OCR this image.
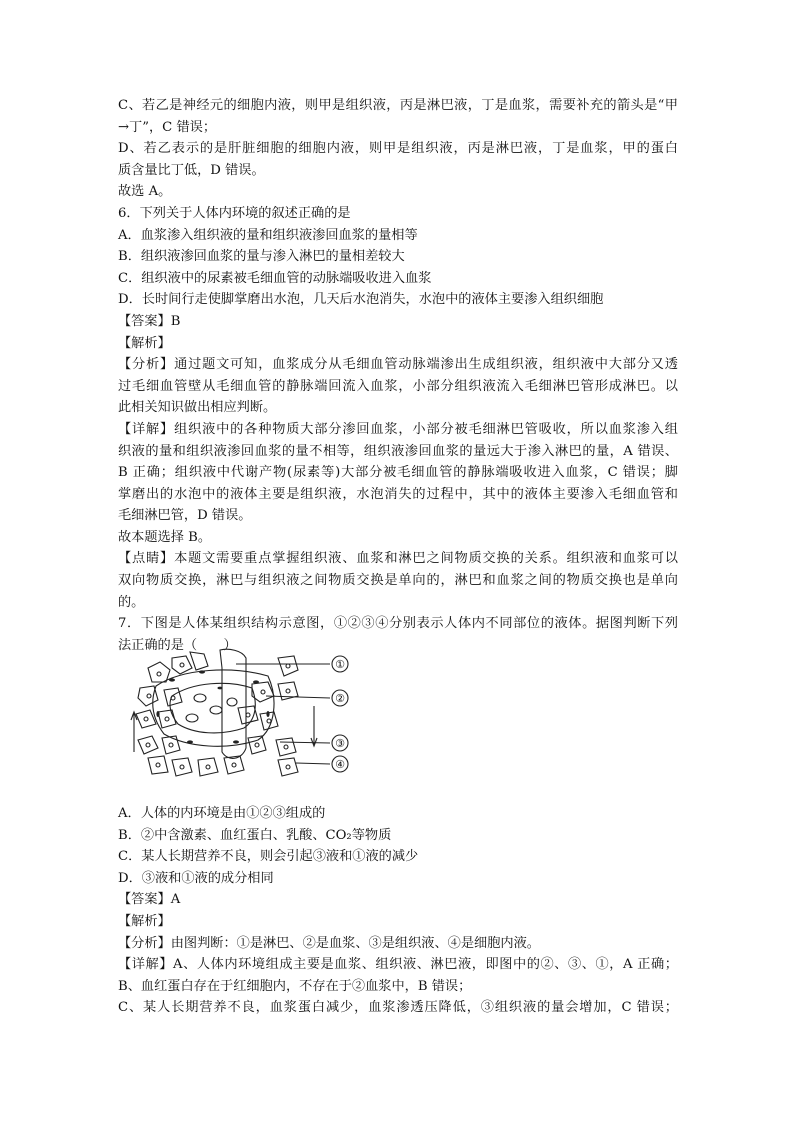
C、若乙是神经元的细胞内液，则甲是组织液，丙是淋巴液，丁是血浆，需要补充的箭头是“甲
→丁”，C 错误；
D、若乙表示的是肝脏细胞的细胞内液，则甲是组织液，丙是淋巴液，丁是血浆，甲的蛋白
质含量比丁低，D 错误。
故选 A。
6．下列关于人体内环境的叙述正确的是
A．血浆渗入组织液的量和组织液渗回血浆的量相等
B．组织液渗回血浆的量与渗入淋巴的量相差较大
C．组织液中的尿素被毛细血管的动脉端吸收进入血浆
D．长时间行走使脚掌磨出水泡，几天后水泡消失，水泡中的液体主要渗入组织细胞
【答案】B
【解析】
【分析】通过题文可知，血浆成分从毛细血管动脉端渗出生成组织液，组织液中大部分又透
过毛细血管壁从毛细血管的静脉端回流入血浆，小部分组织液流入毛细淋巴管形成淋巴。以
此相关知识做出相应判断。
【详解】组织液中的各种物质大部分渗回血浆，小部分被毛细淋巴管吸收，所以血浆渗入组
织液的量和组织液渗回血浆的量不相等，组织液渗回血浆的量远大于渗入淋巴的量，A 错误、
B 正确；组织液中代谢产物(尿素等)大部分被毛细血管的静脉端吸收进入血浆，C 错误；脚
掌磨出的水泡中的液体主要是组织液，水泡消失的过程中，其中的液体主要渗入毛细血管和
毛细淋巴管，D 错误。
故本题选择 B。
【点睛】本题文需要重点掌握组织液、血浆和淋巴之间物质交换的关系。组织液和血浆可以
双向物质交换，淋巴与组织液之间物质交换是单向的，淋巴和血浆之间的物质交换也是单向
的。
7．下图是人体某组织结构示意图，①②③④分别表示人体内不同部位的液体。据图判断下列
法正确的是（　　）
①
②
③
④
A．人体的内环境是由①②③组成的
B．②中含激素、血红蛋白、乳酸、CO₂等物质
C．某人长期营养不良，则会引起③液和①液的减少
D．③液和①液的成分相同
【答案】A
【解析】
【分析】由图判断：①是淋巴、②是血浆、③是组织液、④是细胞内液。
【详解】A、人体内环境组成主要是血浆、组织液、淋巴液，即图中的②、③、①，A 正确；
B、血红蛋白存在于红细胞内，不存在于②血浆中，B 错误；
C、某人长期营养不良，血浆蛋白减少，血浆渗透压降低，③组织液的量会增加，C 错误；
